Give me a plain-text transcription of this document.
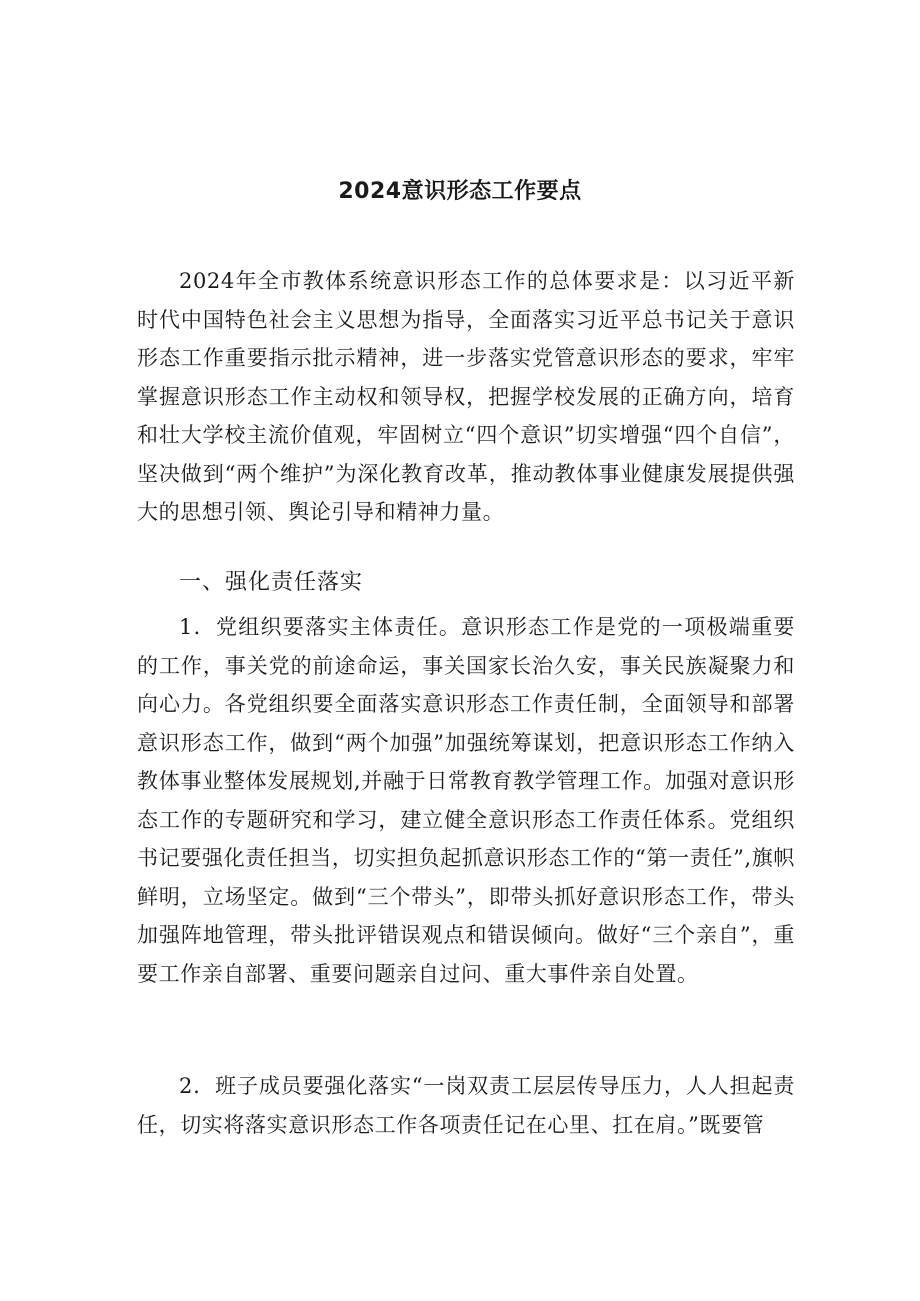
2024意识形态工作要点

2024年全市教体系统意识形态工作的总体要求是：以习近平新时代中国特色社会主义思想为指导，全面落实习近平总书记关于意识形态工作重要指示批示精神，进一步落实党管意识形态的要求，牢牢掌握意识形态工作主动权和领导权，把握学校发展的正确方向，培育和壮大学校主流价值观，牢固树立“四个意识”切实增强“四个自信”，坚决做到“两个维护”为深化教育改革，推动教体事业健康发展提供强大的思想引领、舆论引导和精神力量。

一、强化责任落实

1．党组织要落实主体责任。意识形态工作是党的一项极端重要的工作，事关党的前途命运，事关国家长治久安，事关民族凝聚力和向心力。各党组织要全面落实意识形态工作责任制，全面领导和部署意识形态工作，做到“两个加强”加强统筹谋划，把意识形态工作纳入教体事业整体发展规划,并融于日常教育教学管理工作。加强对意识形态工作的专题研究和学习，建立健全意识形态工作责任体系。党组织书记要强化责任担当，切实担负起抓意识形态工作的“第一责任”,旗帜鲜明，立场坚定。做到“三个带头”，即带头抓好意识形态工作，带头加强阵地管理，带头批评错误观点和错误倾向。做好“三个亲自”，重要工作亲自部署、重要问题亲自过问、重大事件亲自处置。

2．班子成员要强化落实“一岗双责工层层传导压力，人人担起责任，切实将落实意识形态工作各项责任记在心里、扛在肩。”既要管
